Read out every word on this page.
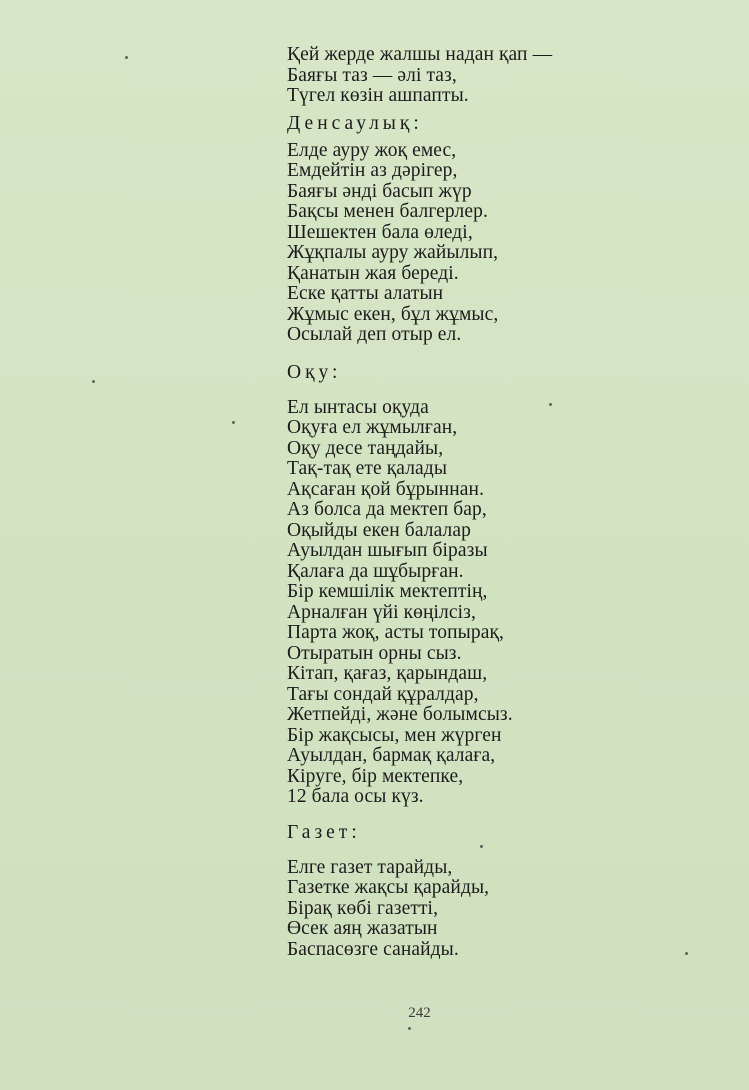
Қей жерде жалшы надан қап —
Баяғы таз — әлі таз,
Түгел көзін ашпапты.
Денсаулық:
Елде ауру жоқ емес,
Емдейтін аз дәрігер,
Баяғы әнді басып жүр
Бақсы менен балгерлер.
Шешектен бала өледі,
Жұқпалы ауру жайылып,
Қанатын жая береді.
Еске қатты алатын
Жұмыс екен, бұл жұмыс,
Осылай деп отыр ел.
Оқу:
Ел ынтасы оқуда
Оқуға ел жұмылған,
Оқу десе таңдайы,
Тақ-тақ ете қалады
Ақсаған қой бұрыннан.
Аз болса да мектеп бар,
Оқыйды екен балалар
Ауылдан шығып біразы
Қалаға да шұбырған.
Бір кемшілік мектептің,
Арналған үйі көңілсіз,
Парта жоқ, асты топырақ,
Отыратын орны сыз.
Кітап, қағаз, қарындаш,
Тағы сондай құралдар,
Жетпейді, және болымсыз.
Бір жақсысы, мен жүрген
Ауылдан, бармақ қалаға,
Кіруге, бір мектепке,
12 бала осы күз.
Газет:
Елге газет тарайды,
Газетке жақсы қарайды,
Бірақ көбі газетті,
Өсек аяң жазатын
Баспасөзге санайды.
242
